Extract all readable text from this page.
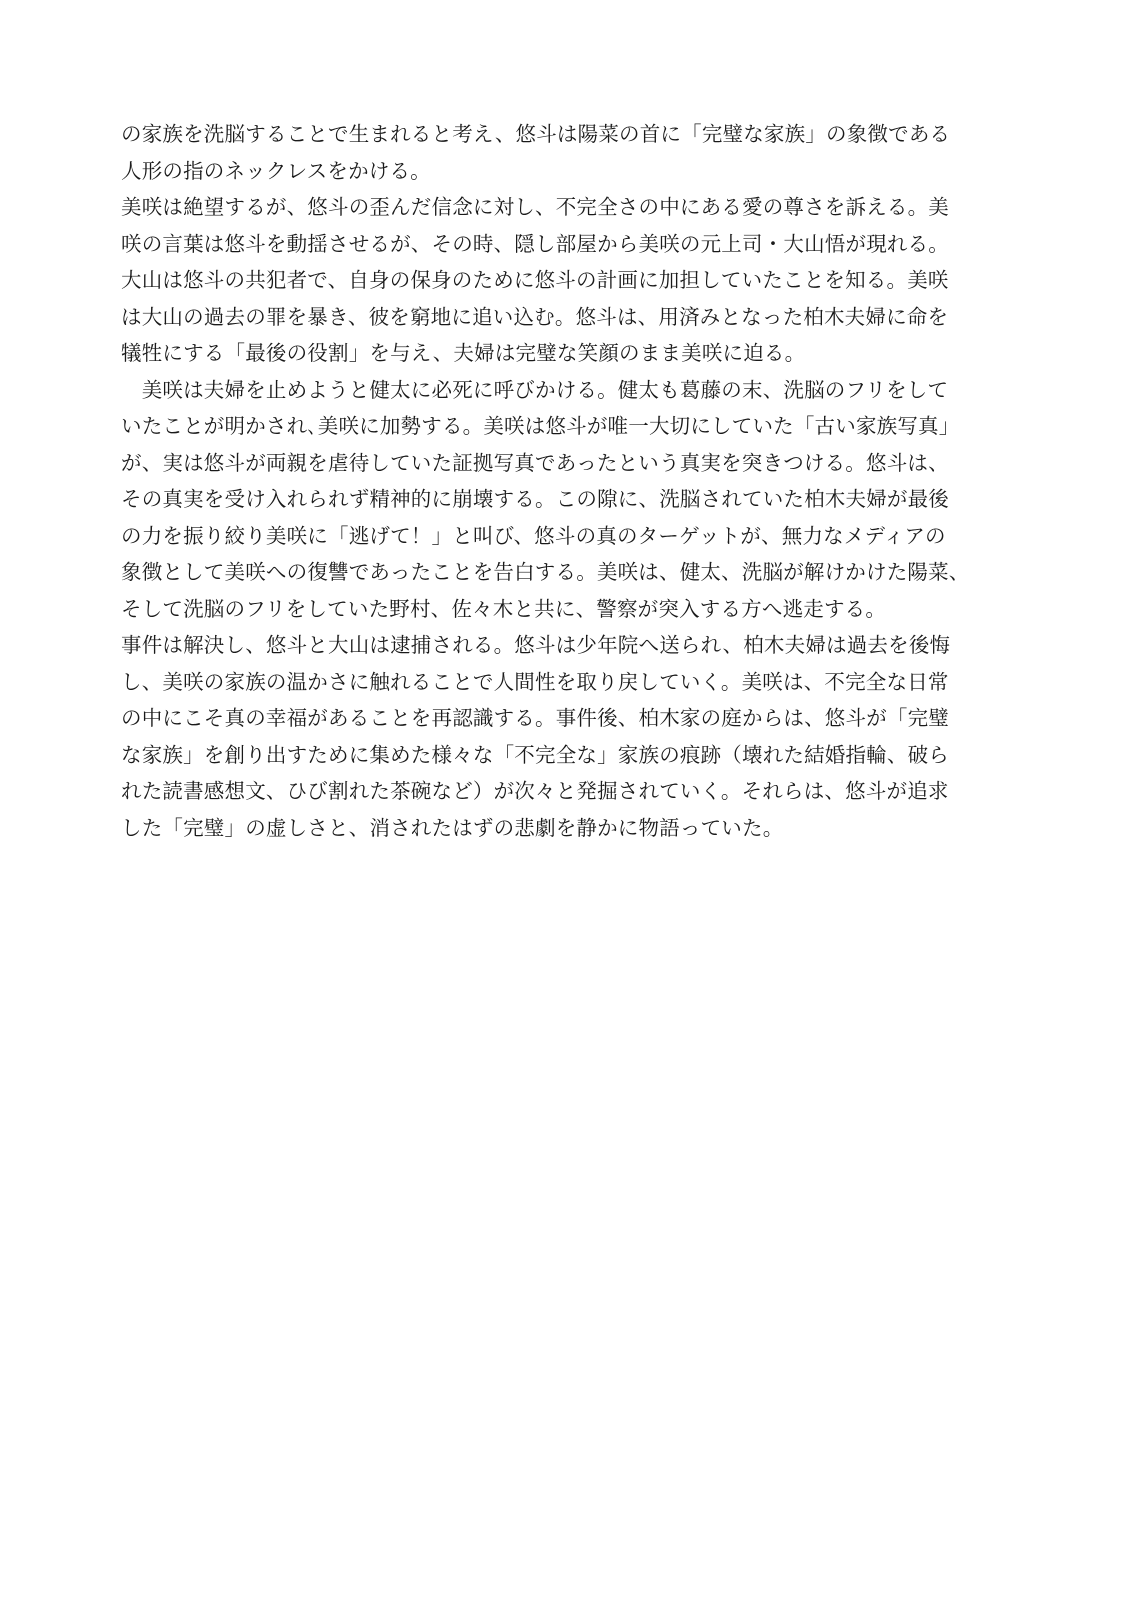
の家族を洗脳することで生まれると考え、悠斗は陽菜の首に「完璧な家族」の象徴である
人形の指のネックレスをかける。
美咲は絶望するが、悠斗の歪んだ信念に対し、不完全さの中にある愛の尊さを訴える。美
咲の言葉は悠斗を動揺させるが、その時、隠し部屋から美咲の元上司・大山悟が現れる。
大山は悠斗の共犯者で、自身の保身のために悠斗の計画に加担していたことを知る。美咲
は大山の過去の罪を暴き、彼を窮地に追い込む。悠斗は、用済みとなった柏木夫婦に命を
犠牲にする「最後の役割」を与え、夫婦は完璧な笑顔のまま美咲に迫る。
　美咲は夫婦を止めようと健太に必死に呼びかける。健太も葛藤の末、洗脳のフリをして
いたことが明かされ､美咲に加勢する。美咲は悠斗が唯一大切にしていた「古い家族写真」
が、実は悠斗が両親を虐待していた証拠写真であったという真実を突きつける。悠斗は、
その真実を受け入れられず精神的に崩壊する。この隙に、洗脳されていた柏木夫婦が最後
の力を振り絞り美咲に「逃げて！」と叫び、悠斗の真のターゲットが、無力なメディアの
象徴として美咲への復讐であったことを告白する。美咲は、健太、洗脳が解けかけた陽菜、
そして洗脳のフリをしていた野村、佐々木と共に、警察が突入する方へ逃走する。
事件は解決し、悠斗と大山は逮捕される。悠斗は少年院へ送られ、柏木夫婦は過去を後悔
し、美咲の家族の温かさに触れることで人間性を取り戻していく。美咲は、不完全な日常
の中にこそ真の幸福があることを再認識する。事件後、柏木家の庭からは、悠斗が「完璧
な家族」を創り出すために集めた様々な「不完全な」家族の痕跡（壊れた結婚指輪、破ら
れた読書感想文、ひび割れた茶碗など）が次々と発掘されていく。それらは、悠斗が追求
した「完璧」の虚しさと、消されたはずの悲劇を静かに物語っていた。
